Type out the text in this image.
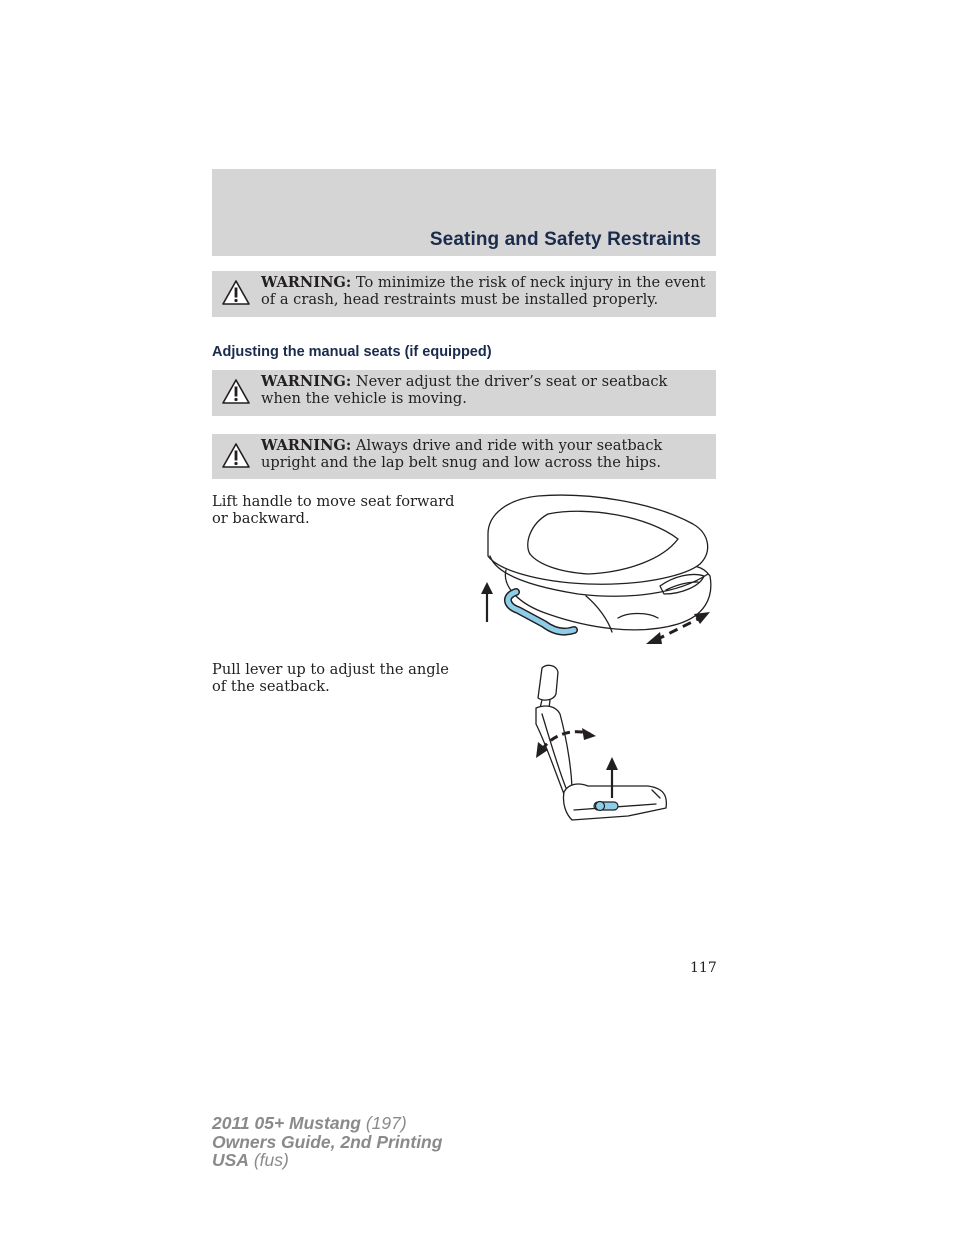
Seating and Safety Restraints
WARNING: To minimize the risk of neck injury in the event of a crash, head restraints must be installed properly.
Adjusting the manual seats (if equipped)
WARNING: Never adjust the driver’s seat or seatback when the vehicle is moving.
WARNING: Always drive and ride with your seatback upright and the lap belt snug and low across the hips.
Lift handle to move seat forward or backward.
Pull lever up to adjust the angle of the seatback.
117
2011 05+ Mustang (197)
Owners Guide, 2nd Printing
USA (fus)
